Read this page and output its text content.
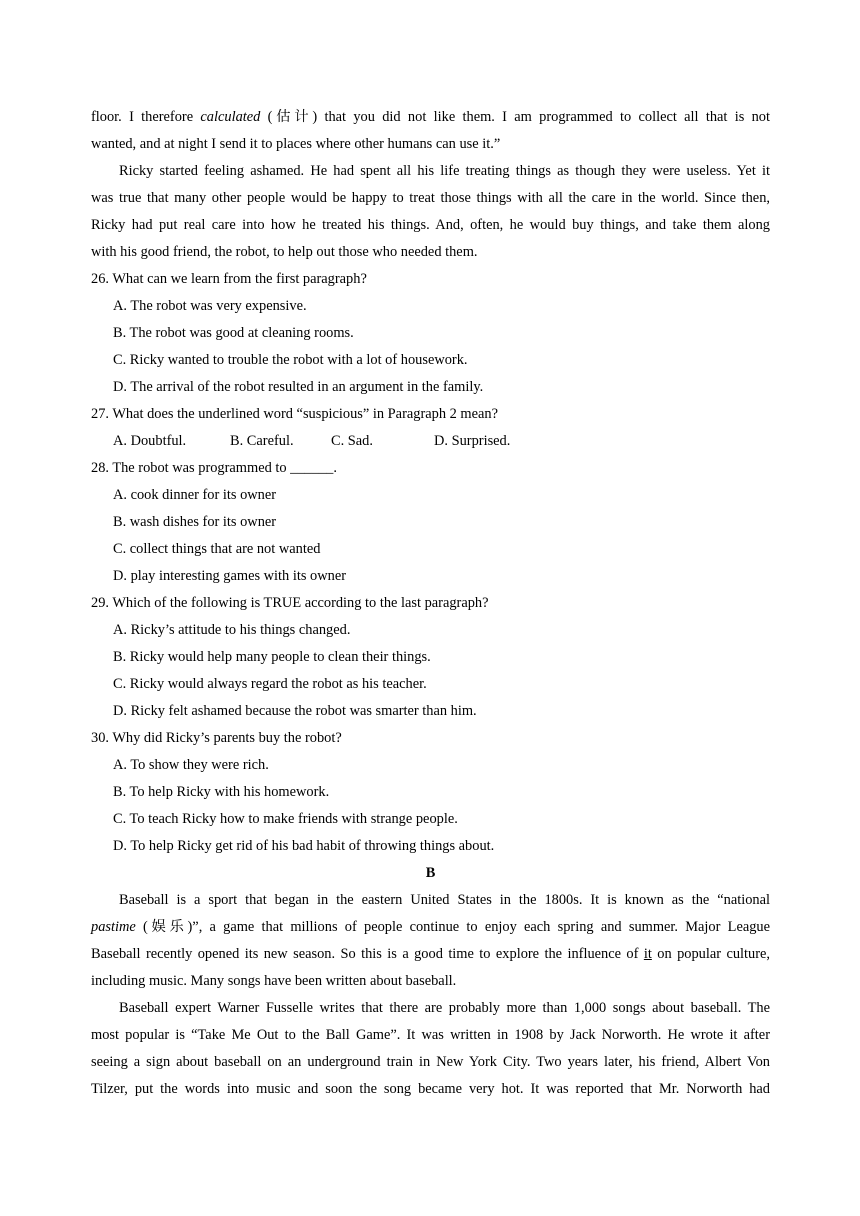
floor. I therefore calculated (估计) that you did not like them. I am programmed to collect all that is not
wanted, and at night I send it to places where other humans can use it.”
Ricky started feeling ashamed. He had spent all his life treating things as though they were useless. Yet it
was true that many other people would be happy to treat those things with all the care in the world. Since then,
Ricky had put real care into how he treated his things. And, often, he would buy things, and take them along
with his good friend, the robot, to help out those who needed them.
26. What can we learn from the first paragraph?
A. The robot was very expensive.
B. The robot was good at cleaning rooms.
C. Ricky wanted to trouble the robot with a lot of housework.
D. The arrival of the robot resulted in an argument in the family.
27. What does the underlined word “suspicious” in Paragraph 2 mean?
A. Doubtful.	B. Careful.	C. Sad.	D. Surprised.
28. The robot was programmed to ______.
A. cook dinner for its owner
B. wash dishes for its owner
C. collect things that are not wanted
D. play interesting games with its owner
29. Which of the following is TRUE according to the last paragraph?
A. Ricky’s attitude to his things changed.
B. Ricky would help many people to clean their things.
C. Ricky would always regard the robot as his teacher.
D. Ricky felt ashamed because the robot was smarter than him.
30. Why did Ricky’s parents buy the robot?
A. To show they were rich.
B. To help Ricky with his homework.
C. To teach Ricky how to make friends with strange people.
D. To help Ricky get rid of his bad habit of throwing things about.
B
Baseball is a sport that began in the eastern United States in the 1800s. It is known as the “national
pastime (娱乐)”, a game that millions of people continue to enjoy each spring and summer. Major League
Baseball recently opened its new season. So this is a good time to explore the influence of it on popular culture,
including music. Many songs have been written about baseball.
Baseball expert Warner Fusselle writes that there are probably more than 1,000 songs about baseball. The
most popular is “Take Me Out to the Ball Game”. It was written in 1908 by Jack Norworth. He wrote it after
seeing a sign about baseball on an underground train in New York City. Two years later, his friend, Albert Von
Tilzer, put the words into music and soon the song became very hot. It was reported that Mr. Norworth had
